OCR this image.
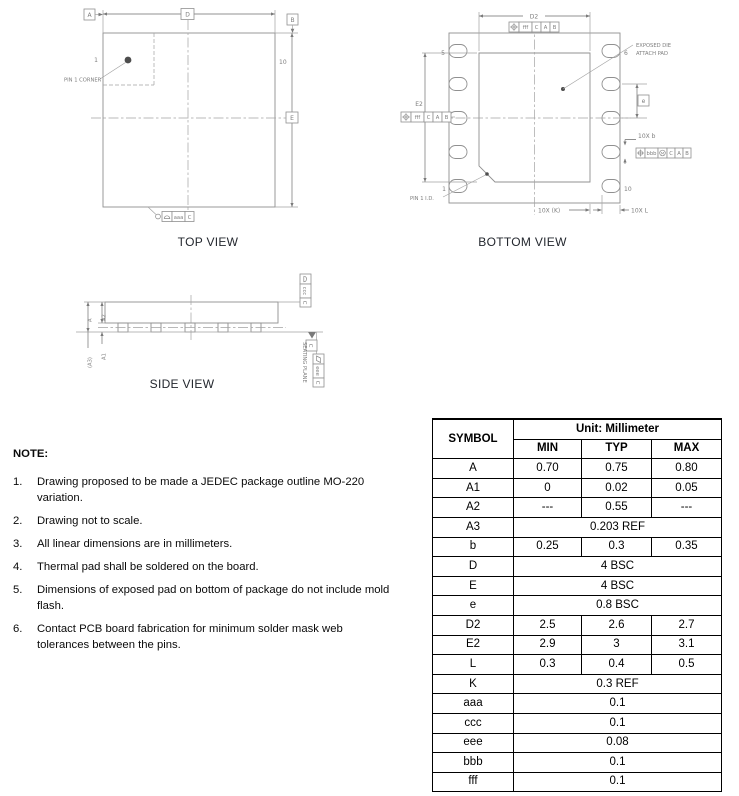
PIN 1 CORNER
1	10
D
A
B
E
aaa C
TOP VIEW
D2
fff C A B
E2
fff C A B
EXPOSED DIE
ATTACH PAD
e
10X b
bbb M C A B
10X (K)	10X L
5	6
1	10
PIN 1 I.D.
BOTTOM VIEW
ccc
C
A A2
A1
(A3)
C
eee
C
SEATING PLANE
SIDE VIEW
NOTE:
1.	Drawing proposed to be made a JEDEC package outline MO-220 variation.
2.	Drawing not to scale.
3.	All linear dimensions are in millimeters.
4.	Thermal pad shall be soldered on the board.
5.	Dimensions of exposed pad on bottom of package do not include mold flash.
6.	Contact PCB board fabrication for minimum solder mask web tolerances between the pins.
SYMBOL	Unit: Millimeter		
	MIN	TYP	MAX
A	0.70	0.75	0.80
A1	0	0.02	0.05
A2	---	0.55	---
A3	0.203 REF		
b	0.25	0.3	0.35
D	4 BSC		
E	4 BSC		
e	0.8 BSC		
D2	2.5	2.6	2.7
E2	2.9	3	3.1
L	0.3	0.4	0.5
K	0.3 REF		
aaa	0.1		
ccc	0.1		
eee	0.08		
bbb	0.1		
fff	0.1		
